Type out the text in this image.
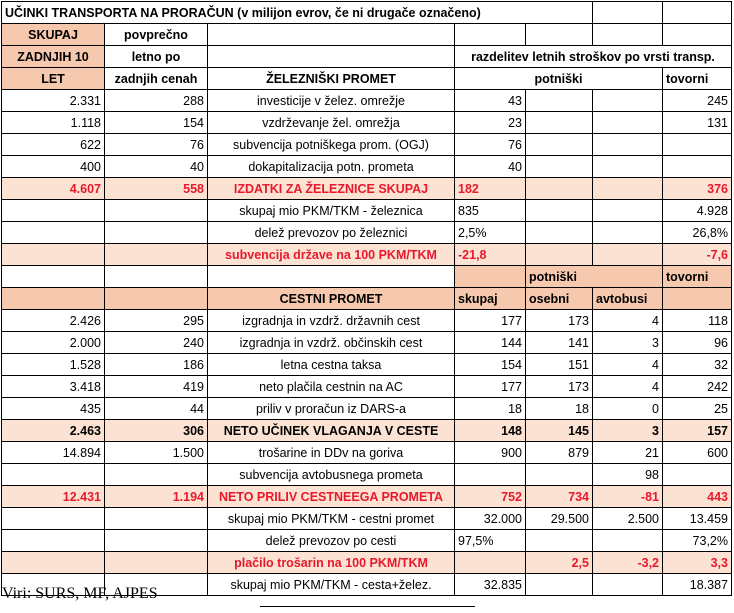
UČINKI TRANSPORTA NA PRORAČUN (v milijon evrov, če ni drugače označeno)						
SKUPAJ	povprečno					
ZADNJIH 10	letno po		razdelitev letnih stroškov po vrsti transp.			
LET	zadnjih cenah	ŽELEZNIŠKI PROMET	potniški			tovorni
2.331	288	investicije v želez. omrežje	43			245
1.118	154	vzdrževanje žel. omrežja	23			131
622	76	subvencija potniškega prom. (OGJ)	76			
400	40	dokapitalizacija potn. prometa	40			
4.607	558	IZDATKI ZA ŽELEZNICE SKUPAJ	182			376
		skupaj mio PKM/TKM - železnica	835			4.928
		delež prevozov po železnici	2,5%			26,8%
		subvencija države na 100 PKM/TKM	-21,8			-7,6
				potniški		tovorni
		CESTNI PROMET	skupaj	osebni	avtobusi	
2.426	295	izgradnja in vzdrž. državnih cest	177	173	4	118
2.000	240	izgradnja in vzdrž. občinskih cest	144	141	3	96
1.528	186	letna cestna taksa	154	151	4	32
3.418	419	neto plačila cestnin na AC	177	173	4	242
435	44	priliv v proračun iz DARS-a	18	18	0	25
2.463	306	NETO UČINEK VLAGANJA V CESTE	148	145	3	157
14.894	1.500	trošarine in DDv na goriva	900	879	21	600
		subvencija avtobusnega prometa			98	
12.431	1.194	NETO PRILIV CESTNEEGA PROMETA	752	734	-81	443
		skupaj mio PKM/TKM - cestni promet	32.000	29.500	2.500	13.459
		delež prevozov po cesti	97,5%			73,2%
		plačilo trošarin na 100 PKM/TKM		2,5	-3,2	3,3
		skupaj mio PKM/TKM - cesta+želez.	32.835			18.387
Viri: SURS, MF, AJPES
